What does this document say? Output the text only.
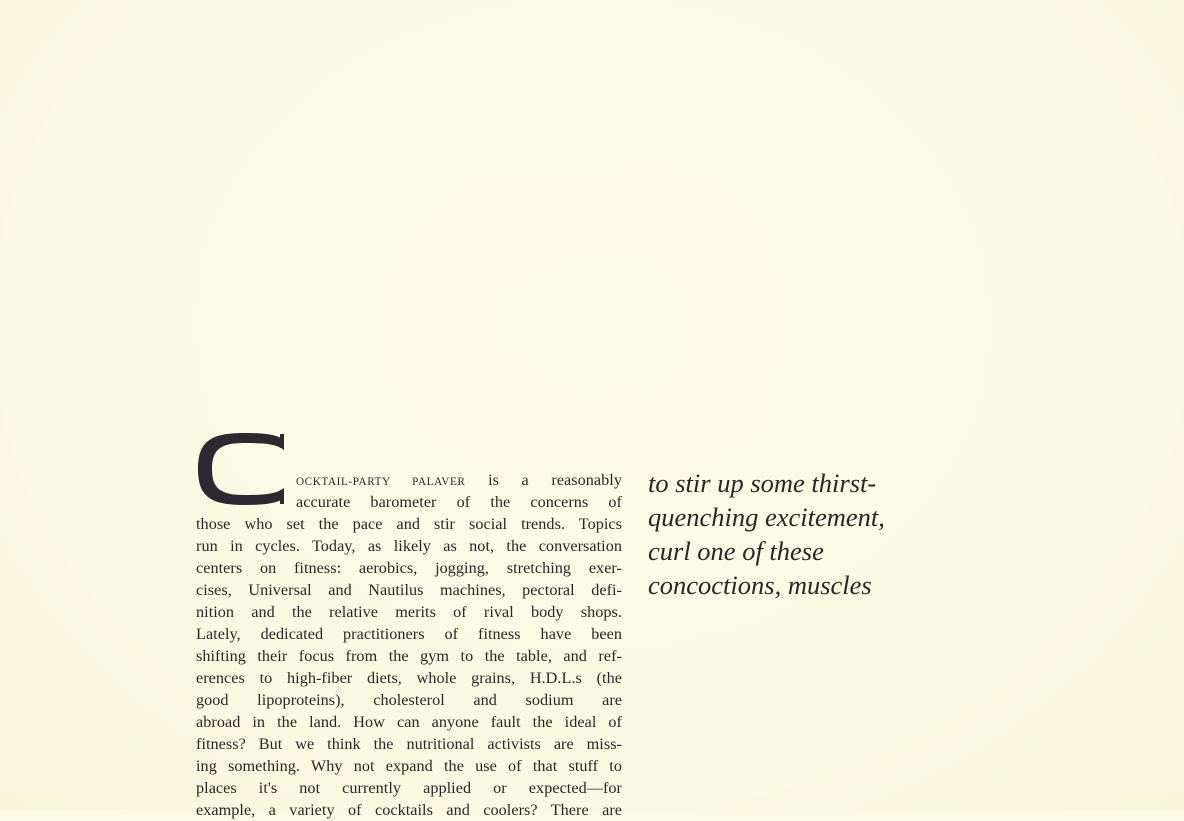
OCKTAIL-PARTY PALAVER is a reasonably
accurate barometer of the concerns of
those who set the pace and stir social trends. Topics
run in cycles. Today, as likely as not, the conversation
centers on fitness: aerobics, jogging, stretching exer-
cises, Universal and Nautilus machines, pectoral defi-
nition and the relative merits of rival body shops.
Lately, dedicated practitioners of fitness have been
shifting their focus from the gym to the table, and ref-
erences to high-fiber diets, whole grains, H.D.L.s (the
good lipoproteins), cholesterol and sodium are
abroad in the land. How can anyone fault the ideal of
fitness? But we think the nutritional activists are miss-
ing something. Why not expand the use of that stuff to
places it's not currently applied or expected—for
example, a variety of cocktails and coolers? There are
to stir up some thirst-
quenching excitement,
curl one of these
concoctions, muscles
